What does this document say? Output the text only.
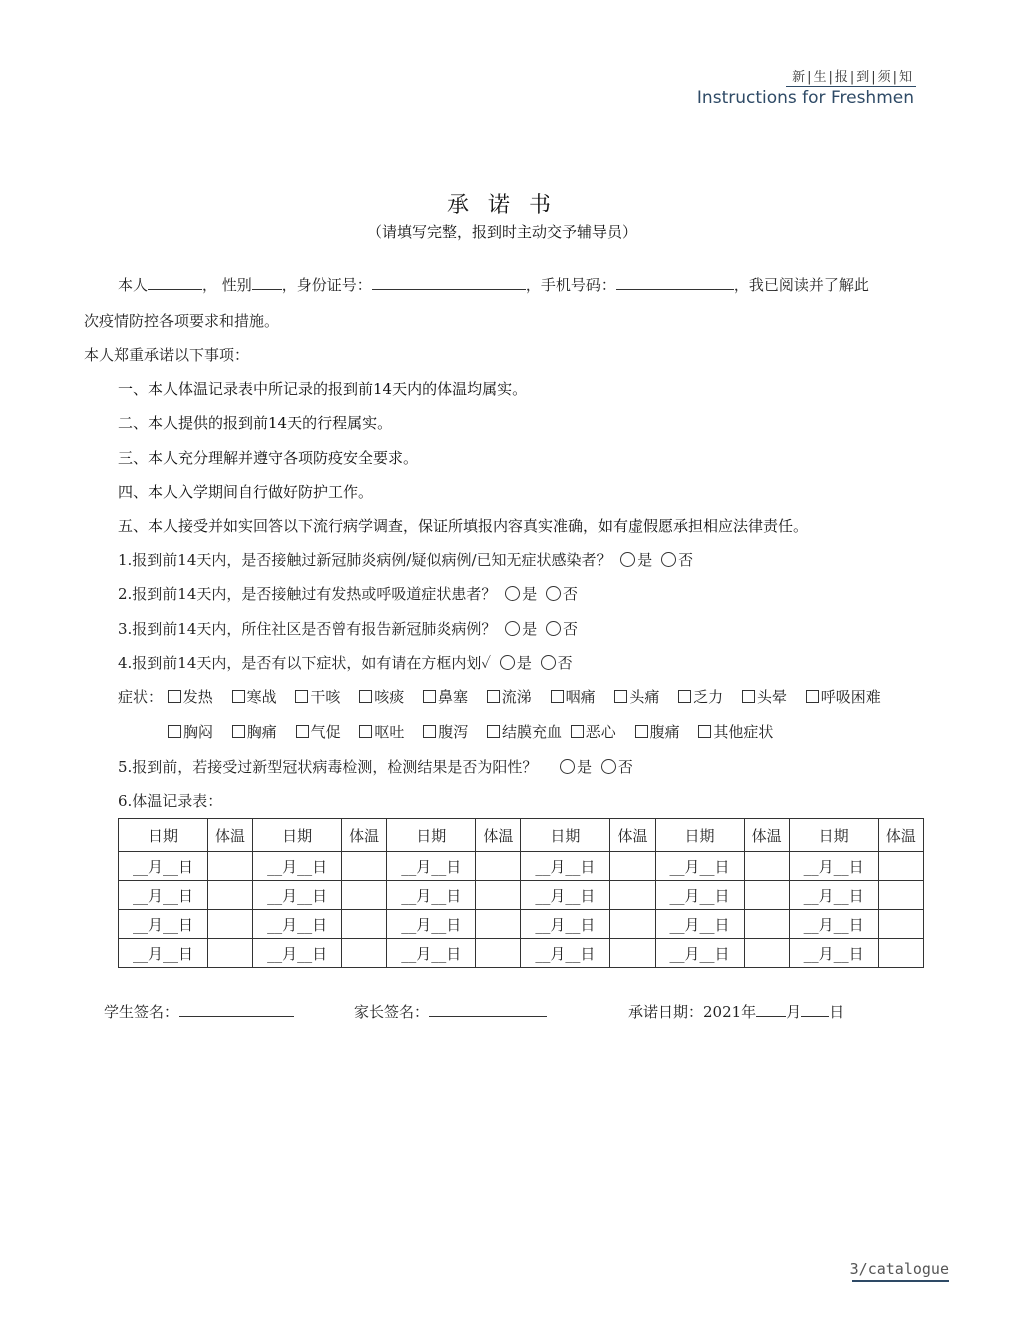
新|生|报|到|须|知
Instructions for Freshmen
承 诺 书
（请填写完整，报到时主动交予辅导员）
本人	， 性别 ，身份证号：	，手机号码：	，我已阅读并了解此
次疫情防控各项要求和措施。
本人郑重承诺以下事项：
一、本人体温记录表中所记录的报到前14天内的体温均属实。
二、本人提供的报到前14天的行程属实。
三、本人充分理解并遵守各项防疫安全要求。
四、本人入学期间自行做好防护工作。
五、本人接受并如实回答以下流行病学调查，保证所填报内容真实准确，如有虚假愿承担相应法律责任。
1.报到前14天内，是否接触过新冠肺炎病例/疑似病例/已知无症状感染者？ 是 否
2.报到前14天内，是否接触过有发热或呼吸道症状患者？ 是 否
3.报到前14天内，所住社区是否曾有报告新冠肺炎病例？ 是 否
4.报到前14天内，是否有以下症状，如有请在方框内划✓ 是 否
症状： 发热 寒战 干咳 咳痰 鼻塞 流涕 咽痛 头痛 乏力 头晕 呼吸困难
胸闷 胸痛 气促 呕吐 腹泻 结膜充血 恶心 腹痛 其他症状
5.报到前，若接受过新型冠状病毒检测，检测结果是否为阳性？	是 否
6.体温记录表：
日期	体温	日期	体温	日期	体温	日期	体温	日期	体温	日期	体温
__月__日		__月__日		__月__日		__月__日		__月__日		__月__日	
__月__日		__月__日		__月__日		__月__日		__月__日		__月__日	
__月__日		__月__日		__月__日		__月__日		__月__日		__月__日	
__月__日		__月__日		__月__日		__月__日		__月__日		__月__日	
学生签名：	家长签名：	承诺日期：2021年 月 日
3/catalogue
